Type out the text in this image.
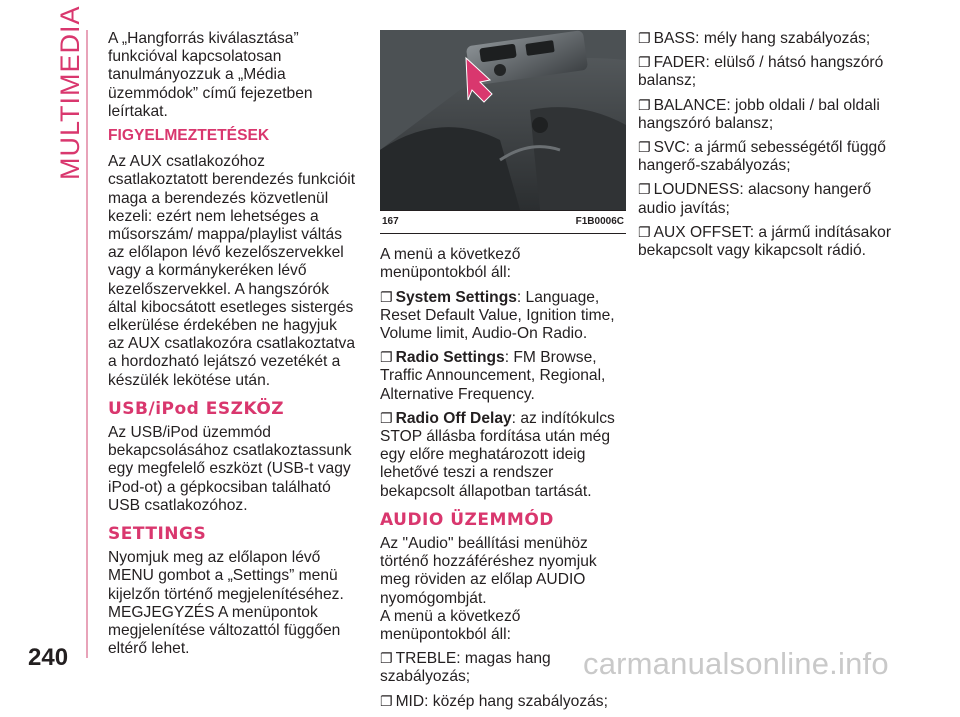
MULTIMEDIA A „Hangforrás kiválasztása” funkcióval kapcsolatosan tanulmányozzuk a „Média üzemmódok” című fejezetben leírtakat.

FIGYELMEZTETÉSEK

Az AUX csatlakozóhoz csatlakoztatott berendezés funkcióit maga a berendezés közvetlenül kezeli: ezért nem lehetséges a műsorszám/ mappa/playlist váltás az előlapon lévő kezelőszervekkel vagy a kormánykeréken lévő kezelőszervekkel. A hangszórók által kibocsátott esetleges sistergés elkerülése érdekében ne hagyjuk az AUX csatlakozóra csatlakoztatva a hordozható lejátszó vezetékét a készülék lekötése után.

USB/iPod ESZKÖZ

Az USB/iPod üzemmód bekapcsolásához csatlakoztassunk egy megfelelő eszközt (USB-t vagy iPod-ot) a gépkocsiban található USB csatlakozóhoz.

SETTINGS

Nyomjuk meg az előlapon lévő MENU gombot a „Settings” menü kijelzőn történő megjelenítéséhez.

MEGJEGYZÉS A menüpontok megjelenítése változattól függően eltérő lehet.

167	F1B0006C

A menü a következő menüpontokból áll:

❐ System Settings: Language, Reset Default Value, Ignition time, Volume limit, Audio-On Radio.

❐ Radio Settings: FM Browse, Traffic Announcement, Regional, Alternative Frequency.

❐ Radio Off Delay: az indítókulcs STOP állásba fordítása után még egy előre meghatározott ideig lehetővé teszi a rendszer bekapcsolt állapotban tartását.

AUDIO ÜZEMMÓD

Az "Audio" beállítási menühöz történő hozzáféréshez nyomjuk meg röviden az előlap AUDIO nyomógombját.

A menü a következő menüpontokból áll:

❐ TREBLE: magas hang szabályozás;

❐ MID: közép hang szabályozás;

❐ BASS: mély hang szabályozás;

❐ FADER: elülső / hátsó hangszóró balansz;

❐ BALANCE: jobb oldali / bal oldali hangszóró balansz;

❐ SVC: a jármű sebességétől függő hangerő-szabályozás;

❐ LOUDNESS: alacsony hangerő audio javítás;

❐ AUX OFFSET: a jármű indításakor bekapcsolt vagy kikapcsolt rádió.

240	carmanualsonline.info
